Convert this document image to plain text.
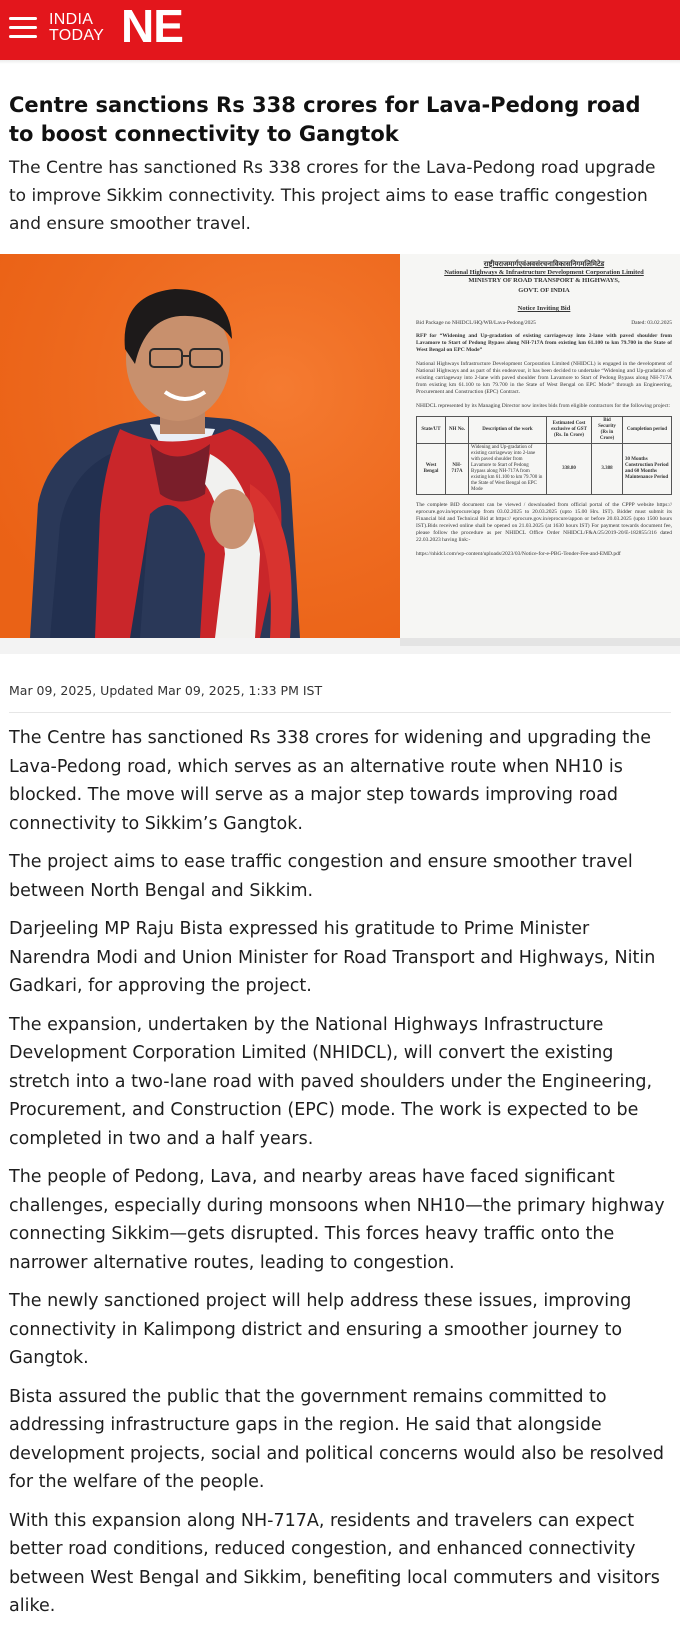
INDIA
TODAY NE
Centre sanctions Rs 338 crores for Lava-Pedong road to boost connectivity to Gangtok

The Centre has sanctioned Rs 338 crores for the Lava-Pedong road upgrade to improve Sikkim connectivity. This project aims to ease traffic congestion and ensure smoother travel.

राष्ट्रीयराजमार्गएवंअवसंरचनाविकासनिगमलिमिटेड
National Highways & Infrastructure Development Corporation Limited
MINISTRY OF ROAD TRANSPORT & HIGHWAYS,
GOVT. OF INDIA
Notice Inviting Bid
Bid Package no NHIDCL/HQ/WB/Lava-Pedong/2025	Dated: 03.02.2025
RFP for “Widening and Up-gradation of existing carriageway into 2-lane with paved shoulder from Lavamore to Start of Pedong Bypass along NH-717A from existing km 61.100 to km 79.700 in the State of West Bengal on EPC Mode”
National Highways Infrastructure Development Corporation Limited (NHIDCL) is engaged in the development of National Highways and as part of this endeavour, it has been decided to undertake “Widening and Up-gradation of existing carriageway into 2-lane with paved shoulder from Lavamore to Start of Pedong Bypass along NH-717A from existing km 61.100 to km 79.700 in the State of West Bengal on EPC Mode” through an Engineering, Procurement and Construction (EPC) Contract.
NHIDCL represented by its Managing Director now invites bids from eligible contractors for the following project:
State/UT	NH No.	Description of the work	Estimated Cost exclusive of GST (Rs. In Crore)	Bid Security (Rs in Crore)	Completion period
West Bengal	NH-717A	Widening and Up-gradation of existing carriageway into 2-lane with paved shoulder from Lavamore to Start of Pedong Bypass along NH-717A from existing km 61.100 to km 79.700 in the State of West Bengal on EPC Mode	338.80	3.388	30 Months Construction Period and 60 Months Maintenance Period
The complete BID document can be viewed / downloaded from official portal of the CPPP website https:// eprocure.gov.in/eprocure/app from 03.02.2025 to 20.03.2025 (upto 15.00 Hrs. IST). Bidder must submit its Financial bid and Technical Bid at https:// eprocure.gov.in/eprocure/appon or before 20.03.2025 (upto 1500 hours IST).Bids received online shall be opened on 21.03.2025 (at 1630 hours IST) For payment towards document fee, please follow the procedure as per NHIDCL Office Order NHIDCL/F&A/25/2019-20/E-182855/316 dated 22.03.2023 having link:-
https://nhidcl.com/wp-content/uploads/2023/03/Notice-for-e-PBG-Tender-Fee-and-EMD.pdf

Mar 09, 2025, Updated Mar 09, 2025, 1:33 PM IST

The Centre has sanctioned Rs 338 crores for widening and upgrading the Lava-Pedong road, which serves as an alternative route when NH10 is blocked. The move will serve as a major step towards improving road connectivity to Sikkim’s Gangtok.

The project aims to ease traffic congestion and ensure smoother travel between North Bengal and Sikkim.

Darjeeling MP Raju Bista expressed his gratitude to Prime Minister Narendra Modi and Union Minister for Road Transport and Highways, Nitin Gadkari, for approving the project.

The expansion, undertaken by the National Highways Infrastructure Development Corporation Limited (NHIDCL), will convert the existing stretch into a two-lane road with paved shoulders under the Engineering, Procurement, and Construction (EPC) mode. The work is expected to be completed in two and a half years.

The people of Pedong, Lava, and nearby areas have faced significant challenges, especially during monsoons when NH10—the primary highway connecting Sikkim—gets disrupted. This forces heavy traffic onto the narrower alternative routes, leading to congestion.

The newly sanctioned project will help address these issues, improving connectivity in Kalimpong district and ensuring a smoother journey to Gangtok.

Bista assured the public that the government remains committed to addressing infrastructure gaps in the region. He said that alongside development projects, social and political concerns would also be resolved for the welfare of the people.

With this expansion along NH-717A, residents and travelers can expect better road conditions, reduced congestion, and enhanced connectivity between West Bengal and Sikkim, benefiting local commuters and visitors alike.
